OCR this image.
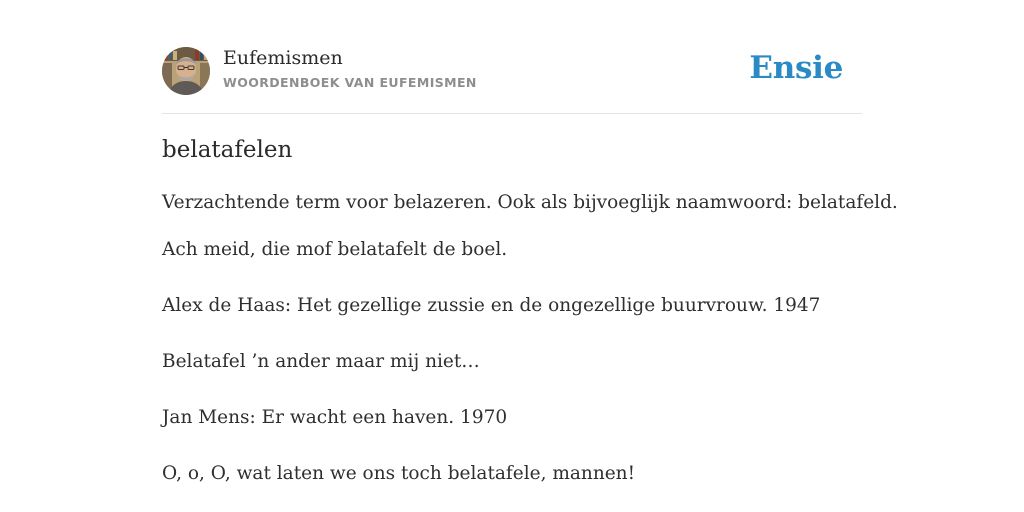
Eufemismen
WOORDENBOEK VAN EUFEMISMEN	Ensie
belatafelen

Verzachtende term voor belazeren. Ook als bijvoeglijk naamwoord: belatafeld.

Ach meid, die mof belatafelt de boel.

Alex de Haas: Het gezellige zussie en de ongezellige buurvrouw. 1947

Belatafel ’n ander maar mij niet…

Jan Mens: Er wacht een haven. 1970

O, o, O, wat laten we ons toch belatafele, mannen!
